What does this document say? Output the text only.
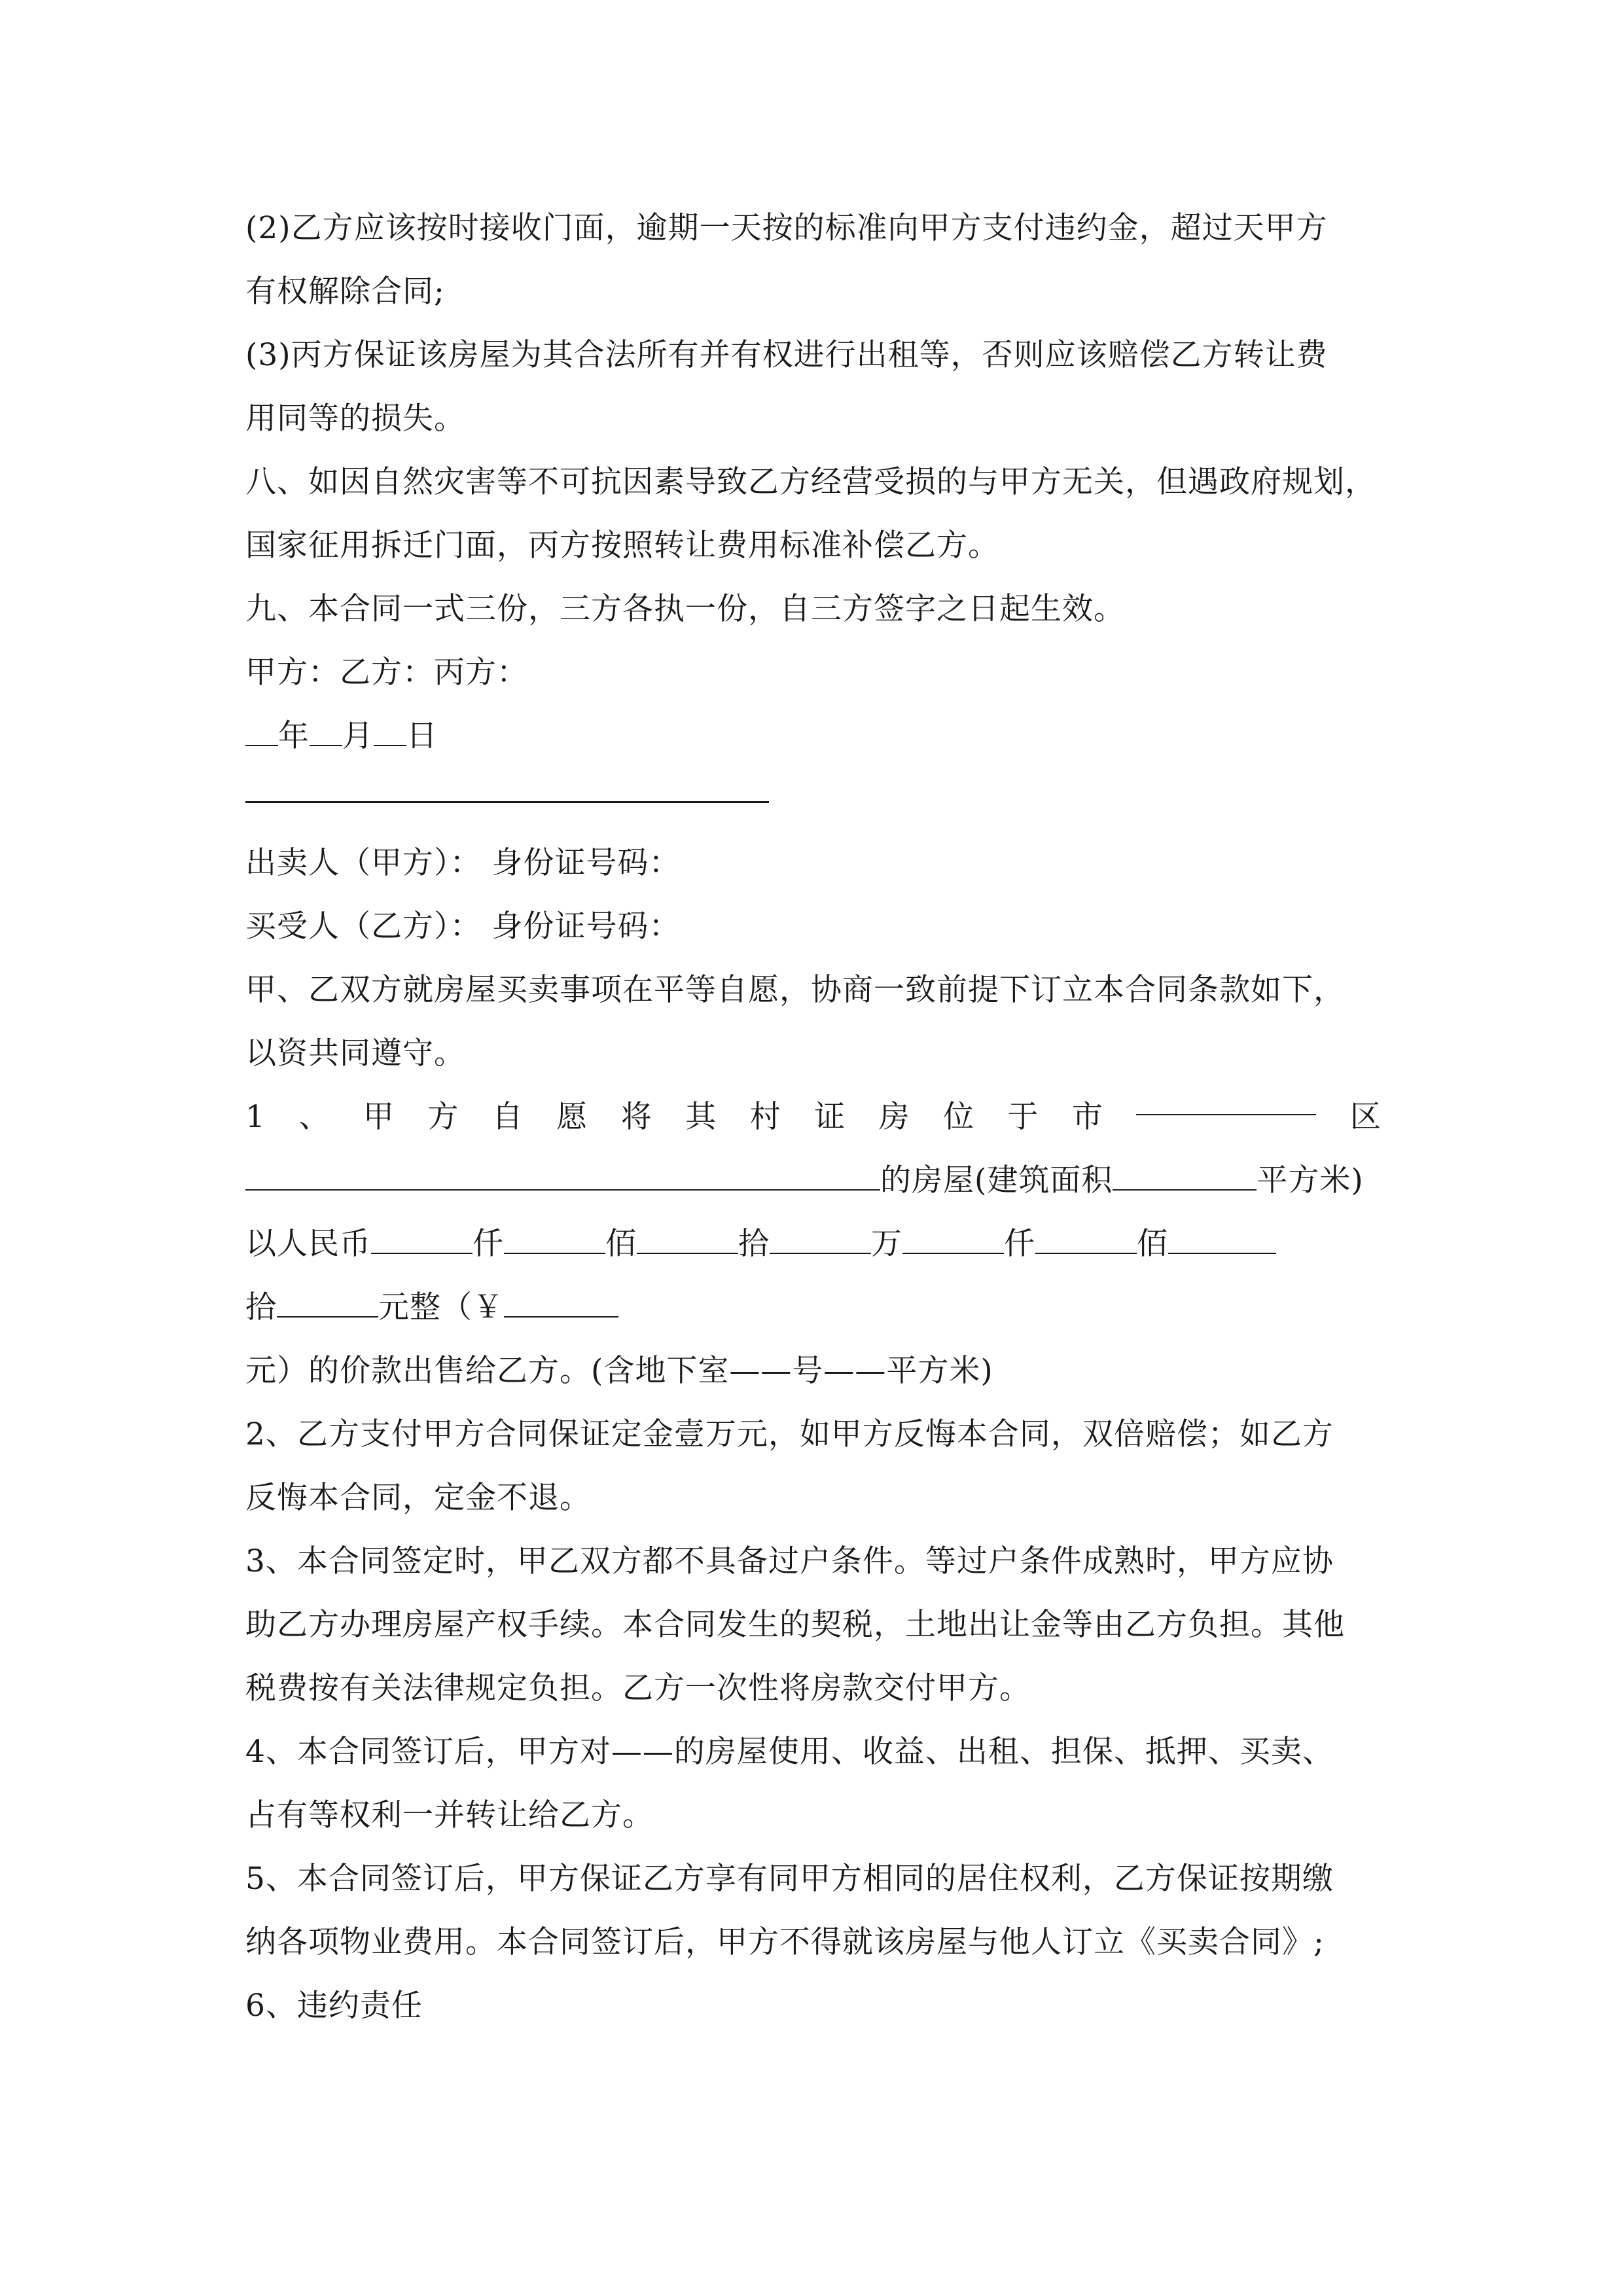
(2)乙方应该按时接收门面，逾期一天按的标准向甲方支付违约金，超过天甲方
有权解除合同;
(3)丙方保证该房屋为其合法所有并有权进行出租等，否则应该赔偿乙方转让费
用同等的损失。
八、如因自然灾害等不可抗因素导致乙方经营受损的与甲方无关，但遇政府规划，
国家征用拆迁门面，丙方按照转让费用标准补偿乙方。
九、本合同一式三份，三方各执一份，自三方签字之日起生效。
甲方：乙方：丙方：
年 月 日
出卖人（甲方）： 身份证号码：
买受人（乙方）： 身份证号码：
甲、乙双方就房屋买卖事项在平等自愿，协商一致前提下订立本合同条款如下，
以资共同遵守。
1 、 甲 方 自 愿 将 其 村 证 房 位 于 市	区
的房屋(建筑面积	平方米)
以人民币	仟	佰	拾	万	仟	佰
拾	元整（￥
元）的价款出售给乙方。(含地下室——号——平方米)
2、乙方支付甲方合同保证定金壹万元，如甲方反悔本合同，双倍赔偿；如乙方
反悔本合同，定金不退。
3、本合同签定时，甲乙双方都不具备过户条件。等过户条件成熟时，甲方应协
助乙方办理房屋产权手续。本合同发生的契税，土地出让金等由乙方负担。其他
税费按有关法律规定负担。乙方一次性将房款交付甲方。
4、本合同签订后，甲方对——的房屋使用、收益、出租、担保、抵押、买卖、
占有等权利一并转让给乙方。
5、本合同签订后，甲方保证乙方享有同甲方相同的居住权利，乙方保证按期缴
纳各项物业费用。本合同签订后，甲方不得就该房屋与他人订立《买卖合同》;
6、违约责任
